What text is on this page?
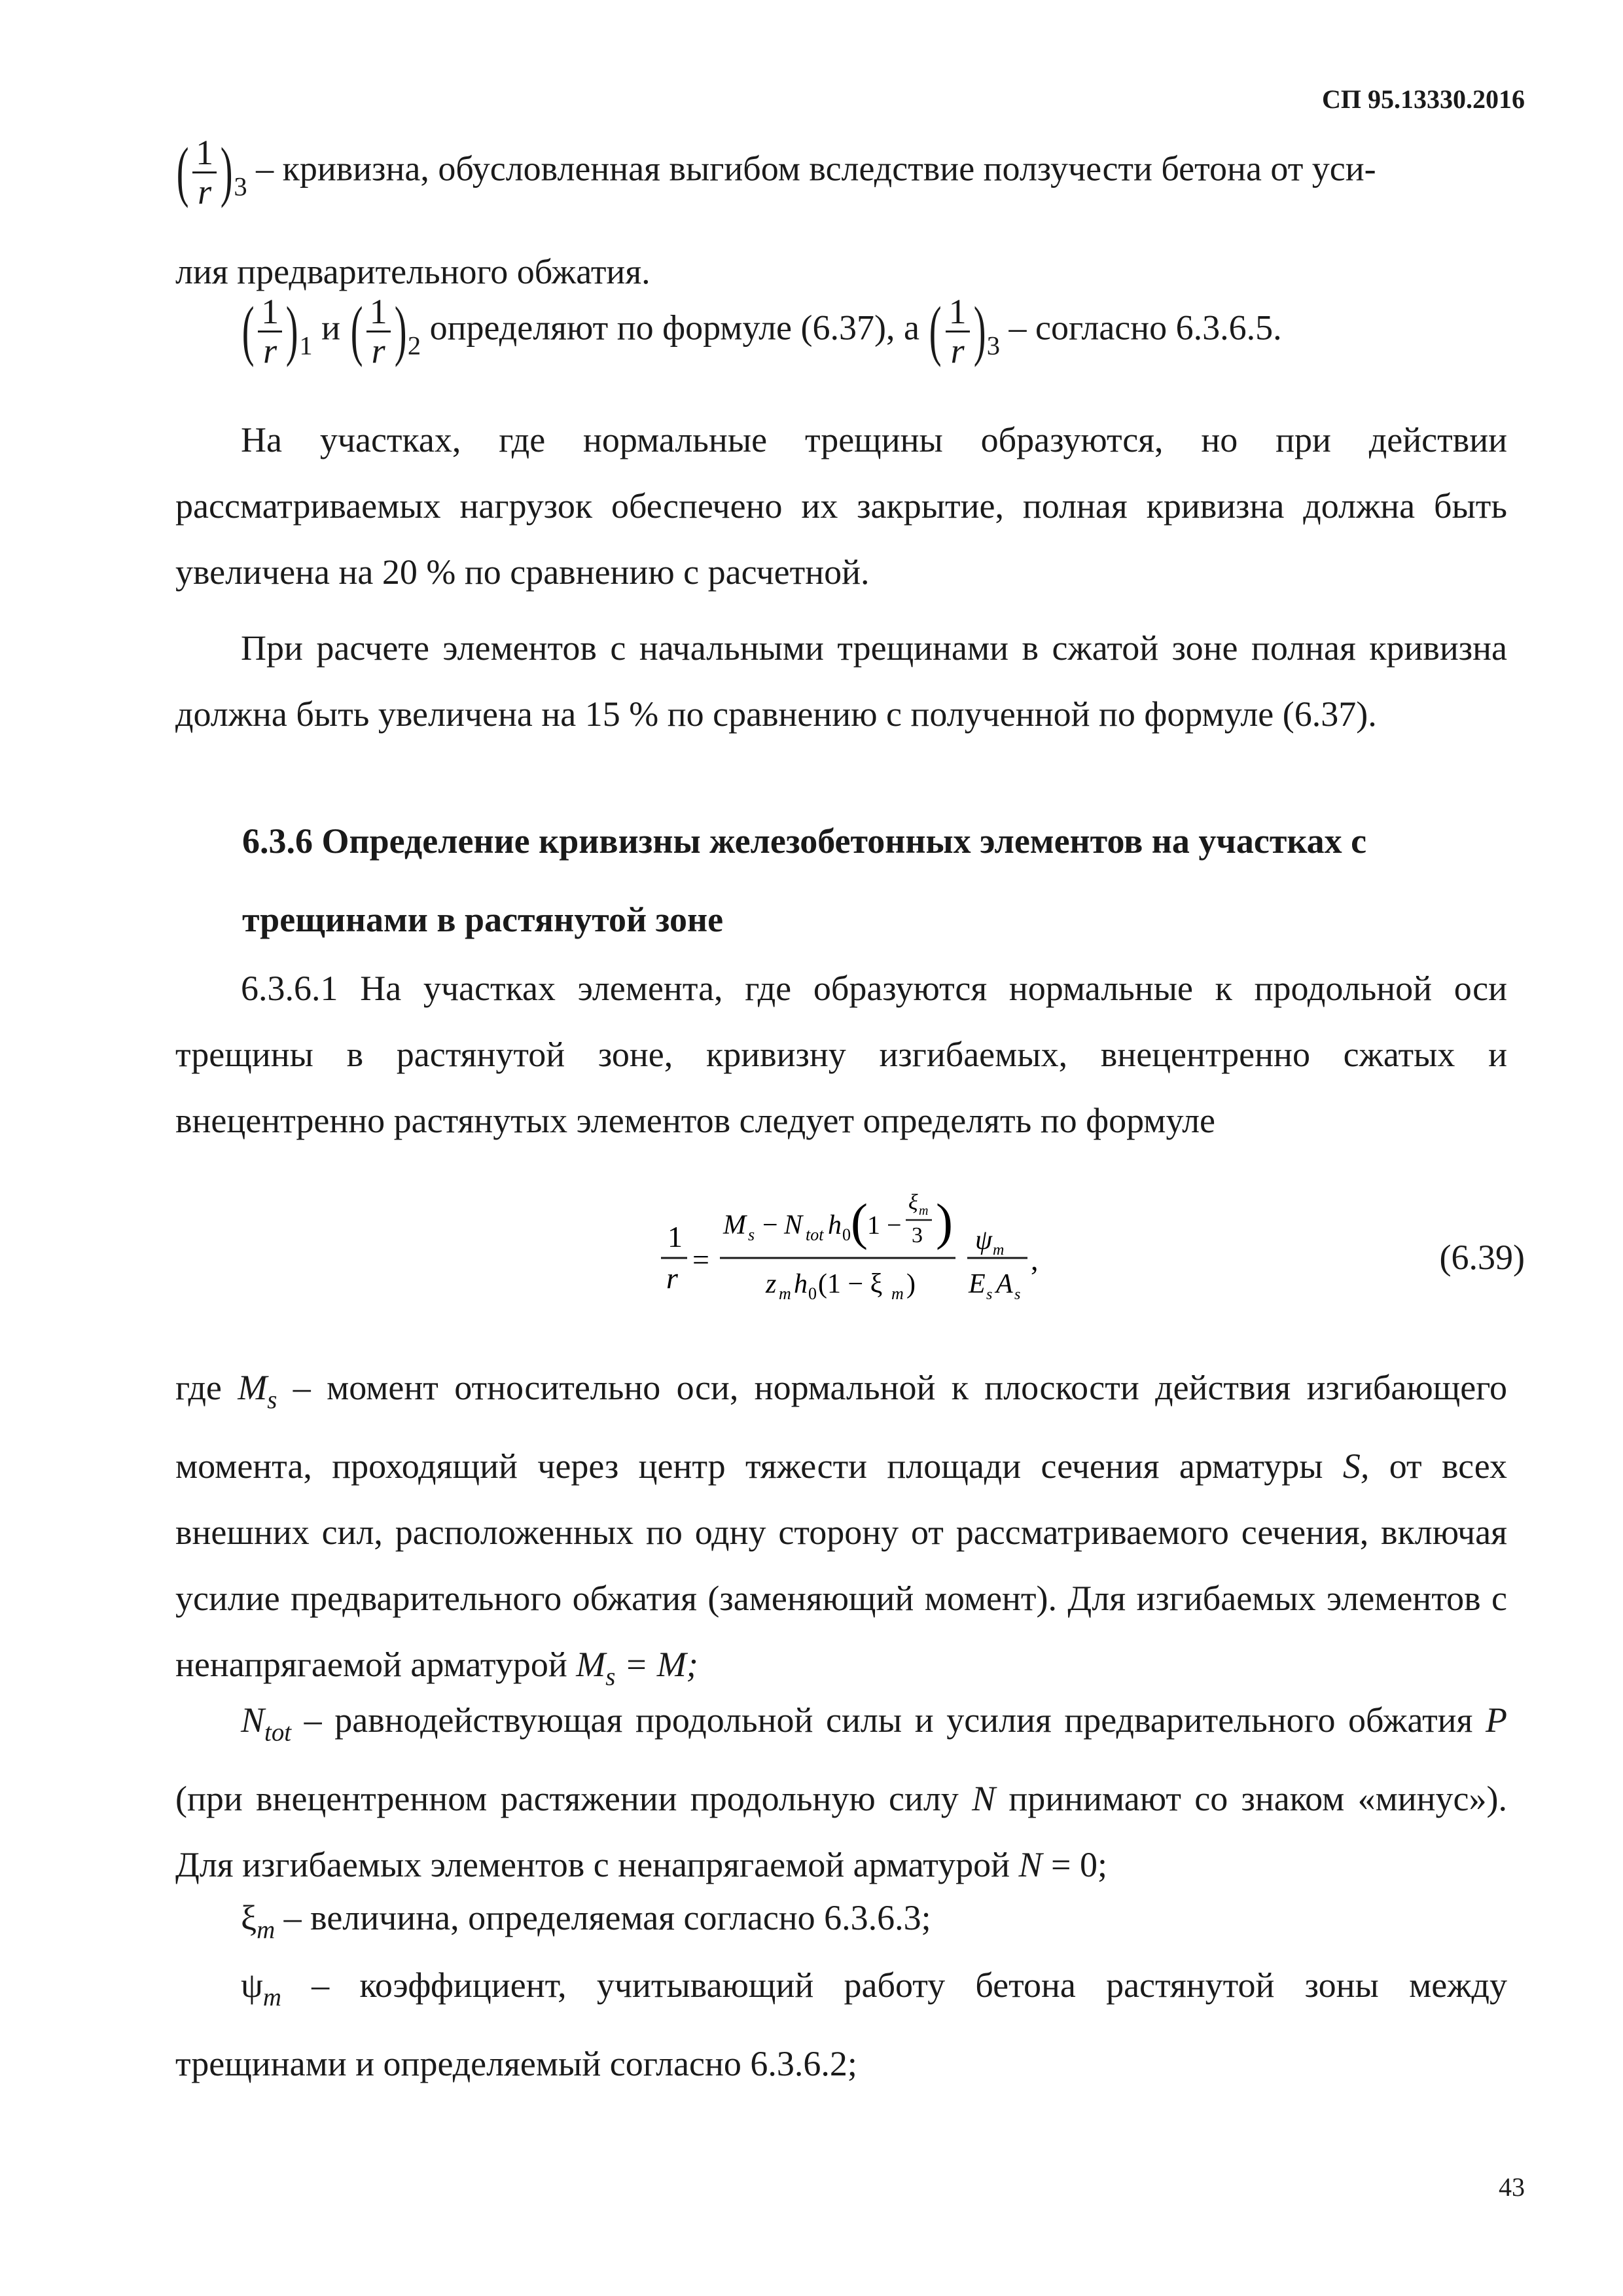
СП 95.13330.2016
( $\frac{1}{r} )_3$ – кривизна, обусловленная выгибом вследствие ползучести бетона от уси-
лия предварительного обжатия.
( $\frac{1}{r} )_1$ и ( $\frac{1}{r} )_2$ определяют по формуле (6.37), а ( $\frac{1}{r} )_3$ – согласно 6.3.6.5.

На участках, где нормальные трещины образуются, но при действии рассматриваемых нагрузок обеспечено их закрытие, полная кривизна должна быть увеличена на 20 % по сравнению с расчетной.

При расчете элементов с начальными трещинами в сжатой зоне полная кривизна должна быть увеличена на 15 % по сравнению с полученной по формуле (6.37).

6.3.6 Определение кривизны железобетонных элементов на участках с
трещинами в растянутой зоне

6.3.6.1 На участках элемента, где образуются нормальные к продольной оси трещины в растянутой зоне, кривизну изгибаемых, внецентренно сжатых и внецентренно растянутых элементов следует определять по формуле

1
r
=
M s − N tot h 0 ( 1 −
ξ m
3 )
z m h 0 (1 − ξ m )
ψ m
E s A s
,	(6.39)

где $M_s$ – момент относительно оси, нормальной к плоскости действия изгибающего момента, проходящий через центр тяжести площади сечения арматуры S, от всех внешних сил, расположенных по одну сторону от рассматриваемого сечения, включая усилие предварительного обжатия (заменяющий момент). Для изгибаемых элементов с ненапрягаемой арматурой $M_s = M$;

$N_{tot}$ – равнодействующая продольной силы и усилия предварительного обжатия P (при внецентренном растяжении продольную силу N принимают со знаком «минус»). Для изгибаемых элементов с ненапрягаемой арматурой N = 0;

$\xi_m$ – величина, определяемая согласно 6.3.6.3;

$\psi_m$ – коэффициент, учитывающий работу бетона растянутой зоны между трещинами и определяемый согласно 6.3.6.2;

43
